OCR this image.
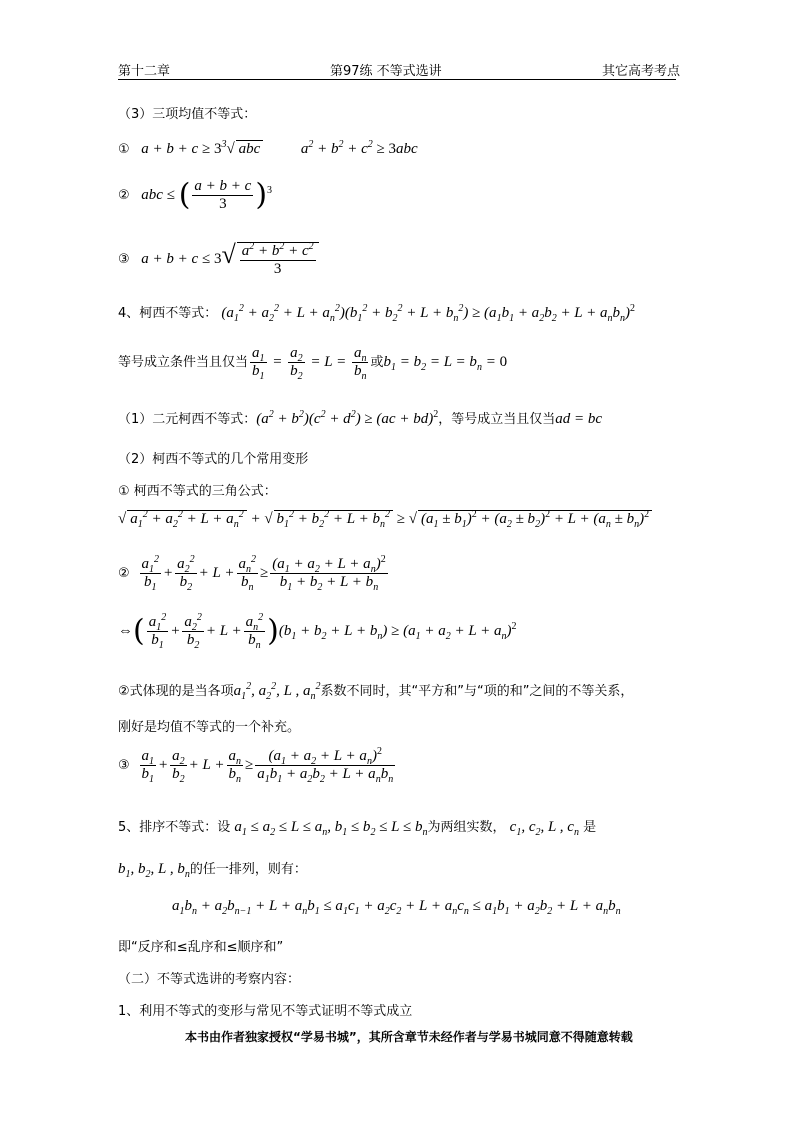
第十二章	第97练 不等式选讲	其它高考考点
（3）三项均值不等式：
①   $a + b + c \ge 3^3√$ abc          $a^2 + b^2 + c^2 \ge 3abc$
②   abc ≤ ( $\frac{a + b + c}{3} )^3$
③   $a + b + c \le 3√ \frac{a^2 + b^2 + c^2}{3}$
4、柯西不等式： $(a_1^2 + a_2^2 + L + a_n^2)(b_1^2 + b_2^2 + L + b_n^2) \ge (a_1b_1 + a_2b_2 + L + a_nb_n)^2$
等号成立条件当且仅当 $\frac{a_1}{b_1} = \frac{a_2}{b_2} = L = \frac{a_n}{b_n}$ 或$b_1 = b_2 = L = b_n = 0$
（1）二元柯西不等式：$(a^2 + b^2)(c^2 + d^2) \ge (ac + bd)^2$，等号成立当且仅当ad = bc
（2）柯西不等式的几个常用变形
① 柯西不等式的三角公式：
√ $a_1^2 + a_2^2 + L + a_n^2$ + √ $b_1^2 + b_2^2 + L + b_n^2$ ≥ √ $(a_1 \pm b_1)^2 + (a_2 \pm b_2)^2 + L + (a_n \pm b_n)^2$
② $\frac{a_1^2}{b_1} + \frac{a_2^2}{b_2} + L + \frac{a_n^2}{b_n} \ge \frac{(a_1 + a_2 + L + a_n)^2}{b_1 + b_2 + L + b_n}$
⇔( $\frac{a_1^2}{b_1} + \frac{a_2^2}{b_2} + L + \frac{a_n^2}{b_n} )(b_1 + b_2 + L + b_n) \ge (a_1 + a_2 + L + a_n)^2$
②式体现的是当各项$a_1^2$, $a_2^2$, L , $a_n^2$系数不同时，其“平方和”与“项的和”之间的不等关系，
刚好是均值不等式的一个补充。
③ $\frac{a_1}{b_1} + \frac{a_2}{b_2} + L + \frac{a_n}{b_n} \ge \frac{(a_1 + a_2 + L + a_n)^2}{a_1b_1 + a_2b_2 + L + a_nb_n}$
5、排序不等式：设 $a_1 \le a_2 \le L \le a_n$, $b_1 \le b_2 \le L \le b_n$为两组实数， $c_1$, $c_2$, L , $c_n$ 是
$b_1$, $b_2$, L , $b_n$的任一排列，则有：
$a_1b_n + a_2b_{n-1} + L + a_nb_1 \le a_1c_1 + a_2c_2 + L + a_nc_n \le a_1b_1 + a_2b_2 + L + a_nb_n$
即“反序和≤乱序和≤顺序和”
（二）不等式选讲的考察内容：
1、利用不等式的变形与常见不等式证明不等式成立
本书由作者独家授权“学易书城”，其所含章节未经作者与学易书城同意不得随意转载
